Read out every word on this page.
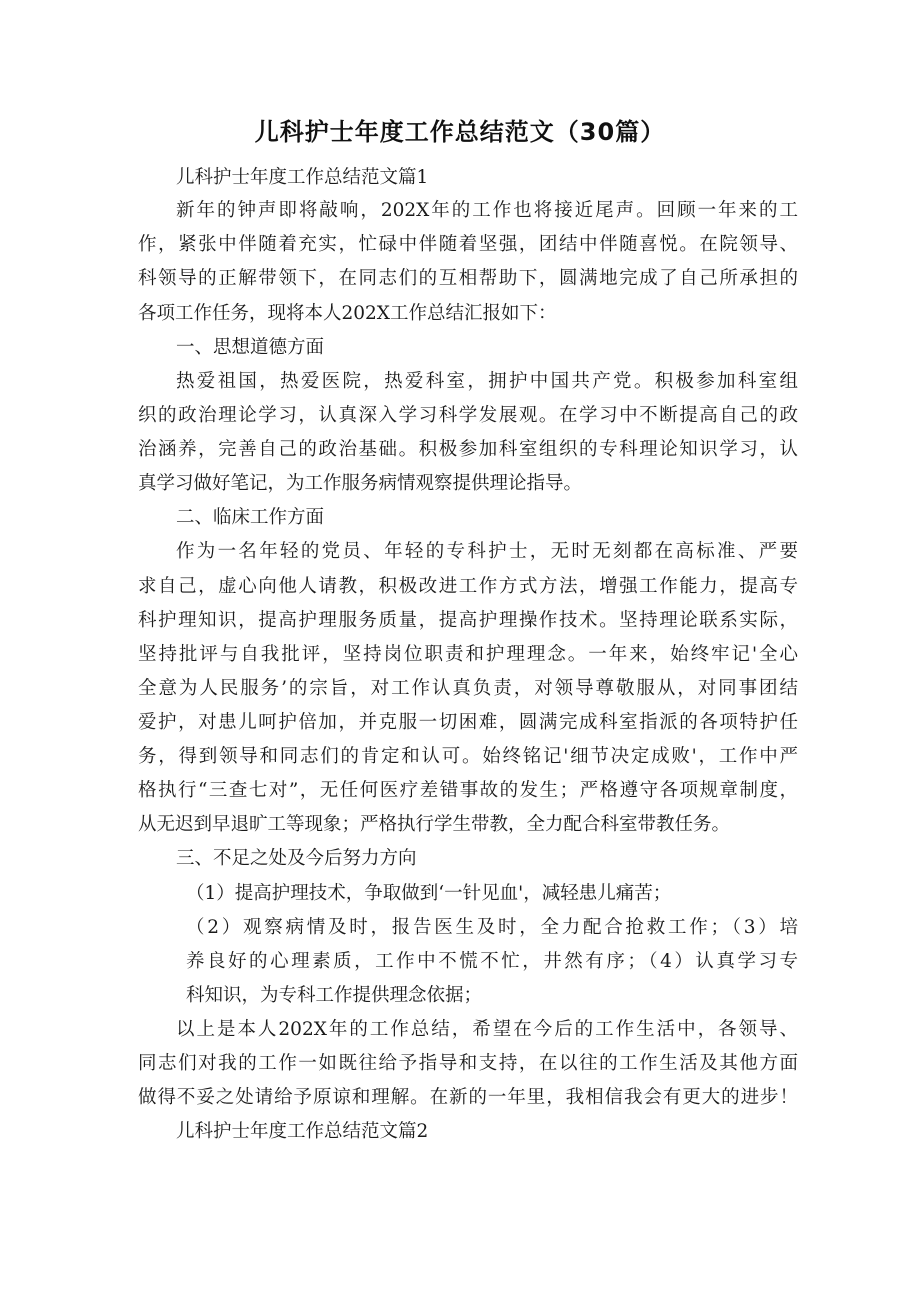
儿科护士年度工作总结范文（30篇）
儿科护士年度工作总结范文篇1
新年的钟声即将敲响，202X年的工作也将接近尾声。回顾一年来的工
作，紧张中伴随着充实，忙碌中伴随着坚强，团结中伴随喜悦。在院领导、
科领导的正解带领下，在同志们的互相帮助下，圆满地完成了自己所承担的
各项工作任务，现将本人202X工作总结汇报如下：
一、思想道德方面
热爱祖国，热爱医院，热爱科室，拥护中国共产党。积极参加科室组
织的政治理论学习，认真深入学习科学发展观。在学习中不断提高自己的政
治涵养，完善自己的政治基础。积极参加科室组织的专科理论知识学习，认
真学习做好笔记，为工作服务病情观察提供理论指导。
二、临床工作方面
作为一名年轻的党员、年轻的专科护士，无时无刻都在高标准、严要
求自己，虚心向他人请教，积极改进工作方式方法，增强工作能力，提高专
科护理知识，提高护理服务质量，提高护理操作技术。坚持理论联系实际，
坚持批评与自我批评，坚持岗位职责和护理理念。一年来，始终牢记'全心
全意为人民服务’的宗旨，对工作认真负责，对领导尊敬服从，对同事团结
爱护，对患儿呵护倍加，并克服一切困难，圆满完成科室指派的各项特护任
务，得到领导和同志们的肯定和认可。始终铭记'细节决定成败'，工作中严
格执行“三查七对”，无任何医疗差错事故的发生；严格遵守各项规章制度，
从无迟到早退旷工等现象；严格执行学生带教，全力配合科室带教任务。
三、不足之处及今后努力方向
（1）提高护理技术，争取做到‘一针见血'，减轻患儿痛苦；
（2）观察病情及时，报告医生及时，全力配合抢救工作；（3）培
养良好的心理素质，工作中不慌不忙，井然有序；（4）认真学习专
科知识，为专科工作提供理念依据；
以上是本人202X年的工作总结，希望在今后的工作生活中，各领导、
同志们对我的工作一如既往给予指导和支持，在以往的工作生活及其他方面
做得不妥之处请给予原谅和理解。在新的一年里，我相信我会有更大的进步！
儿科护士年度工作总结范文篇2
